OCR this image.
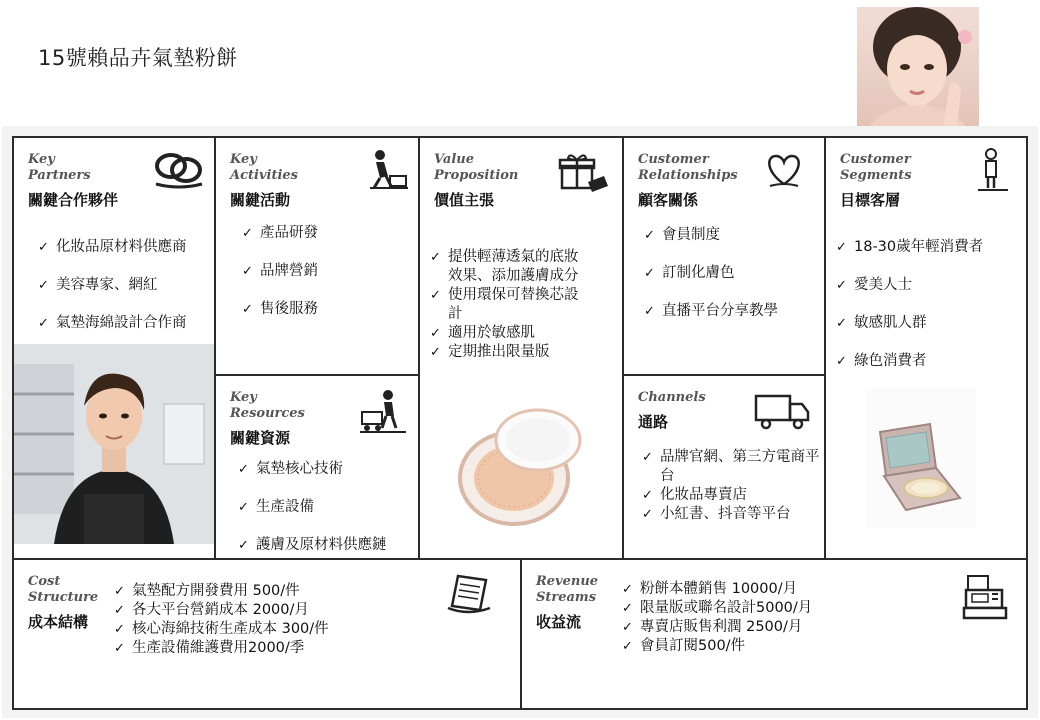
15號賴品卉氣墊粉餅
Key
Partners
關鍵合作夥伴
✓ 化妝品原材料供應商
✓ 美容專家、網紅
✓ 氣墊海綿設計合作商
Key
Activities
關鍵活動
✓ 產品研發
✓ 品牌營銷
✓ 售後服務
Key
Resources
關鍵資源
✓ 氣墊核心技術
✓ 生產設備
✓ 護膚及原材料供應鏈
Value
Proposition
價值主張
✓ 提供輕薄透氣的底妝效果、添加護膚成分
✓ 使用環保可替換芯設計
✓ 適用於敏感肌
✓ 定期推出限量版
Customer
Relationships
顧客關係
✓ 會員制度
✓ 訂制化膚色
✓ 直播平台分享教學
Channels
通路
✓ 品牌官網、第三方電商平台
✓ 化妝品專賣店
✓ 小紅書、抖音等平台
Customer
Segments
目標客層
✓ 18-30歲年輕消費者
✓ 愛美人士
✓ 敏感肌人群
✓ 綠色消費者
Cost
Structure
成本結構
✓ 氣墊配方開發費用 500/件
✓ 各大平台營銷成本 2000/月
✓ 核心海綿技術生產成本 300/件
✓ 生產設備維護費用2000/季
Revenue
Streams
收益流
✓ 粉餅本體銷售 10000/月
✓ 限量版或聯名設計5000/月
✓ 專賣店販售利潤 2500/月
✓ 會員訂閱500/件
